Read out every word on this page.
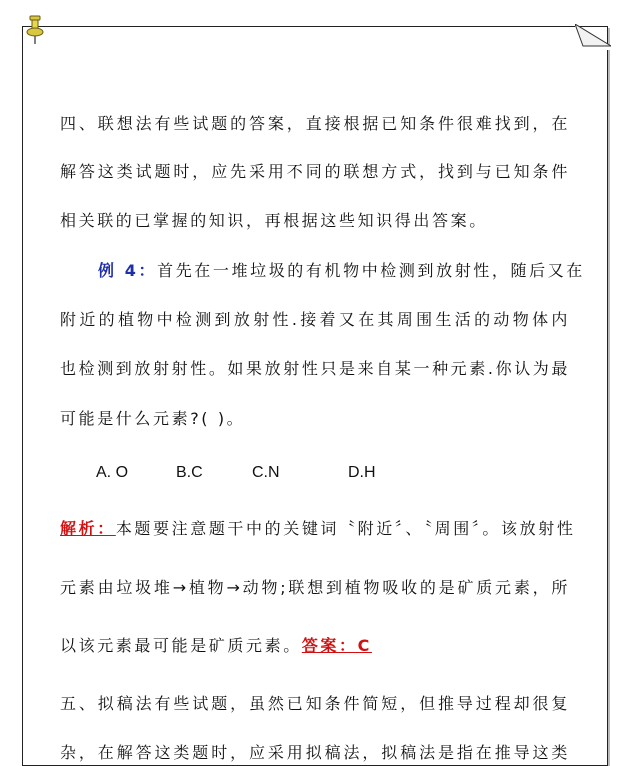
四、联想法有些试题的答案，直接根据已知条件很难找到，在

解答这类试题时，应先采用不同的联想方式，找到与已知条件

相关联的已掌握的知识，再根据这些知识得出答案。

例 4：首先在一堆垃圾的有机物中检测到放射性，随后又在

附近的植物中检测到放射性.接着又在其周围生活的动物体内

也检测到放射射性。如果放射性只是来自某一种元素.你认为最

可能是什么元素?( )。

A. O	B.C	C.N	D.H

解析：本题要注意题干中的关键词〝附近〞、〝周围〞。该放射性

元素由垃圾堆→植物→动物;联想到植物吸收的是矿质元素，所

以该元素最可能是矿质元素。答案：C

五、拟稿法有些试题，虽然已知条件简短，但推导过程却很复

杂，在解答这类题时，应采用拟稿法，拟稿法是指在推导这类
